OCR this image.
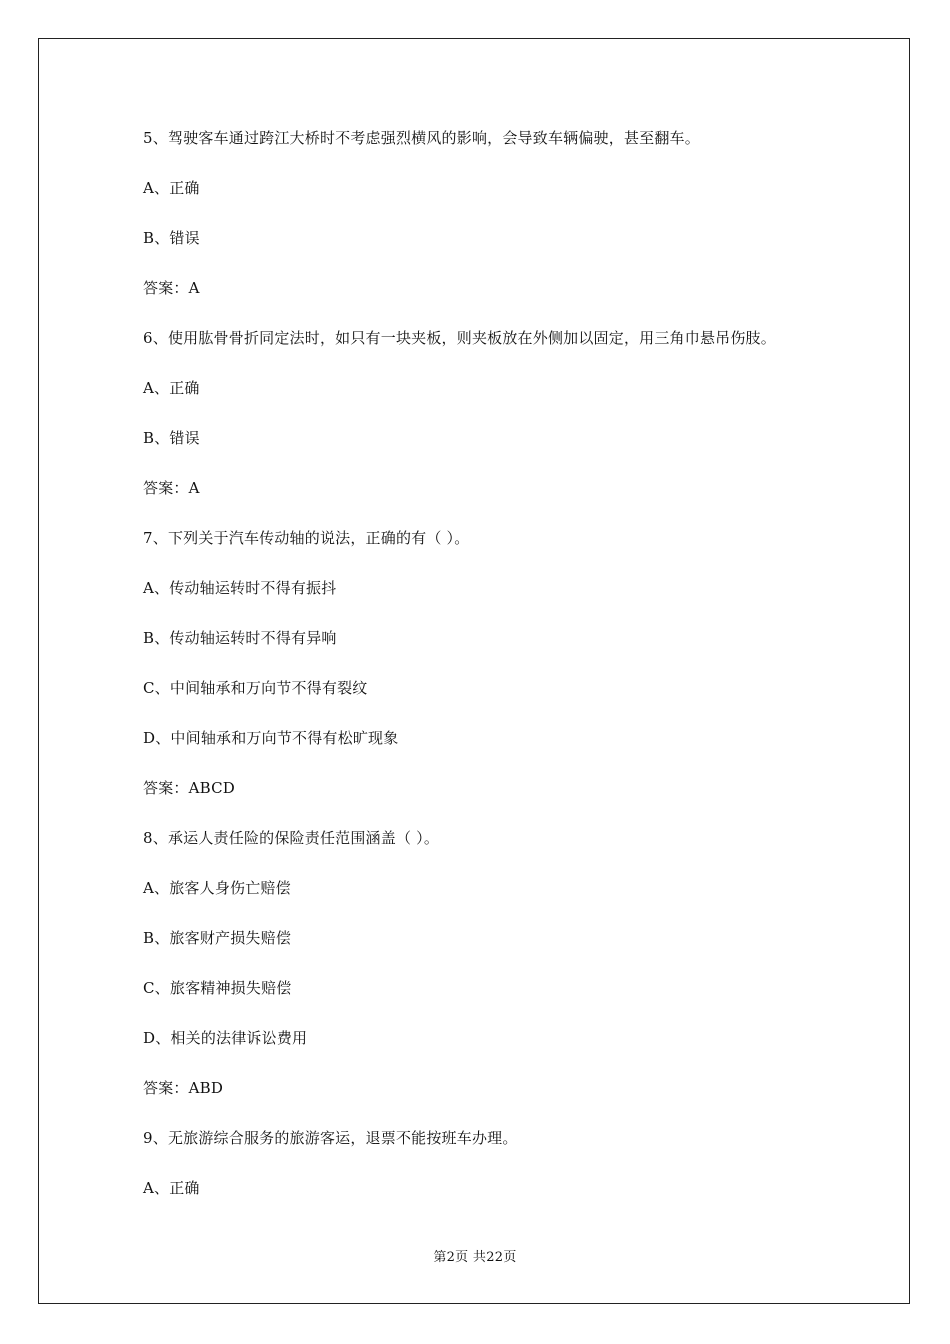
5、驾驶客车通过跨江大桥时不考虑强烈横风的影响，会导致车辆偏驶，甚至翻车。
A、正确
B、错误
答案：A
6、使用肱骨骨折同定法时，如只有一块夹板，则夹板放在外侧加以固定，用三角巾悬吊伤肢。
A、正确
B、错误
答案：A
7、下列关于汽车传动轴的说法，正确的有（ ）。
A、传动轴运转时不得有振抖
B、传动轴运转时不得有异响
C、中间轴承和万向节不得有裂纹
D、中间轴承和万向节不得有松旷现象
答案：ABCD
8、承运人责任险的保险责任范围涵盖（ ）。
A、旅客人身伤亡赔偿
B、旅客财产损失赔偿
C、旅客精神损失赔偿
D、相关的法律诉讼费用
答案：ABD
9、无旅游综合服务的旅游客运，退票不能按班车办理。
A、正确
第2页 共22页
